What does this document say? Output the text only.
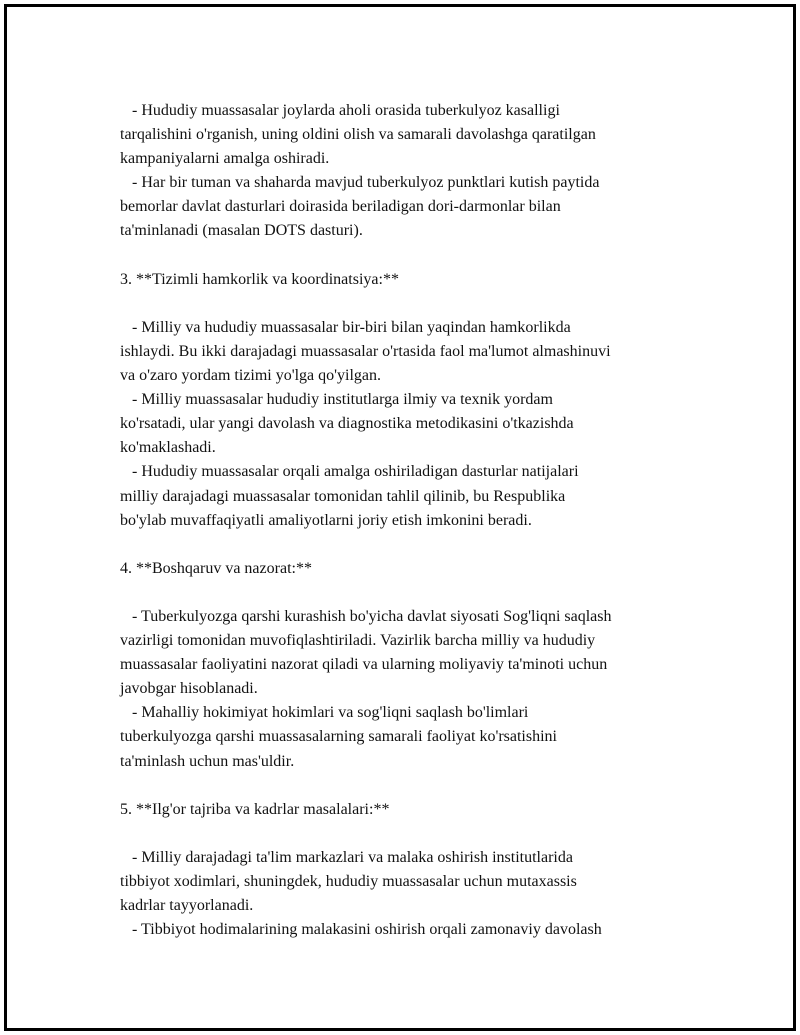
- Hududiy muassasalar joylarda aholi orasida tuberkulyoz kasalligi
tarqalishini o'rganish, uning oldini olish va samarali davolashga qaratilgan
kampaniyalarni amalga oshiradi.
- Har bir tuman va shaharda mavjud tuberkulyoz punktlari kutish paytida
bemorlar davlat dasturlari doirasida beriladigan dori-darmonlar bilan
ta'minlanadi (masalan DOTS dasturi).
3. **Tizimli hamkorlik va koordinatsiya:**
- Milliy va hududiy muassasalar bir-biri bilan yaqindan hamkorlikda
ishlaydi. Bu ikki darajadagi muassasalar o'rtasida faol ma'lumot almashinuvi
va o'zaro yordam tizimi yo'lga qo'yilgan.
- Milliy muassasalar hududiy institutlarga ilmiy va texnik yordam
ko'rsatadi, ular yangi davolash va diagnostika metodikasini o'tkazishda
ko'maklashadi.
- Hududiy muassasalar orqali amalga oshiriladigan dasturlar natijalari
milliy darajadagi muassasalar tomonidan tahlil qilinib, bu Respublika
bo'ylab muvaffaqiyatli amaliyotlarni joriy etish imkonini beradi.
4. **Boshqaruv va nazorat:**
- Tuberkulyozga qarshi kurashish bo'yicha davlat siyosati Sog'liqni saqlash
vazirligi tomonidan muvofiqlashtiriladi. Vazirlik barcha milliy va hududiy
muassasalar faoliyatini nazorat qiladi va ularning moliyaviy ta'minoti uchun
javobgar hisoblanadi.
- Mahalliy hokimiyat hokimlari va sog'liqni saqlash bo'limlari
tuberkulyozga qarshi muassasalarning samarali faoliyat ko'rsatishini
ta'minlash uchun mas'uldir.
5. **Ilg'or tajriba va kadrlar masalalari:**
- Milliy darajadagi ta'lim markazlari va malaka oshirish institutlarida
tibbiyot xodimlari, shuningdek, hududiy muassasalar uchun mutaxassis
kadrlar tayyorlanadi.
- Tibbiyot hodimalarining malakasini oshirish orqali zamonaviy davolash
